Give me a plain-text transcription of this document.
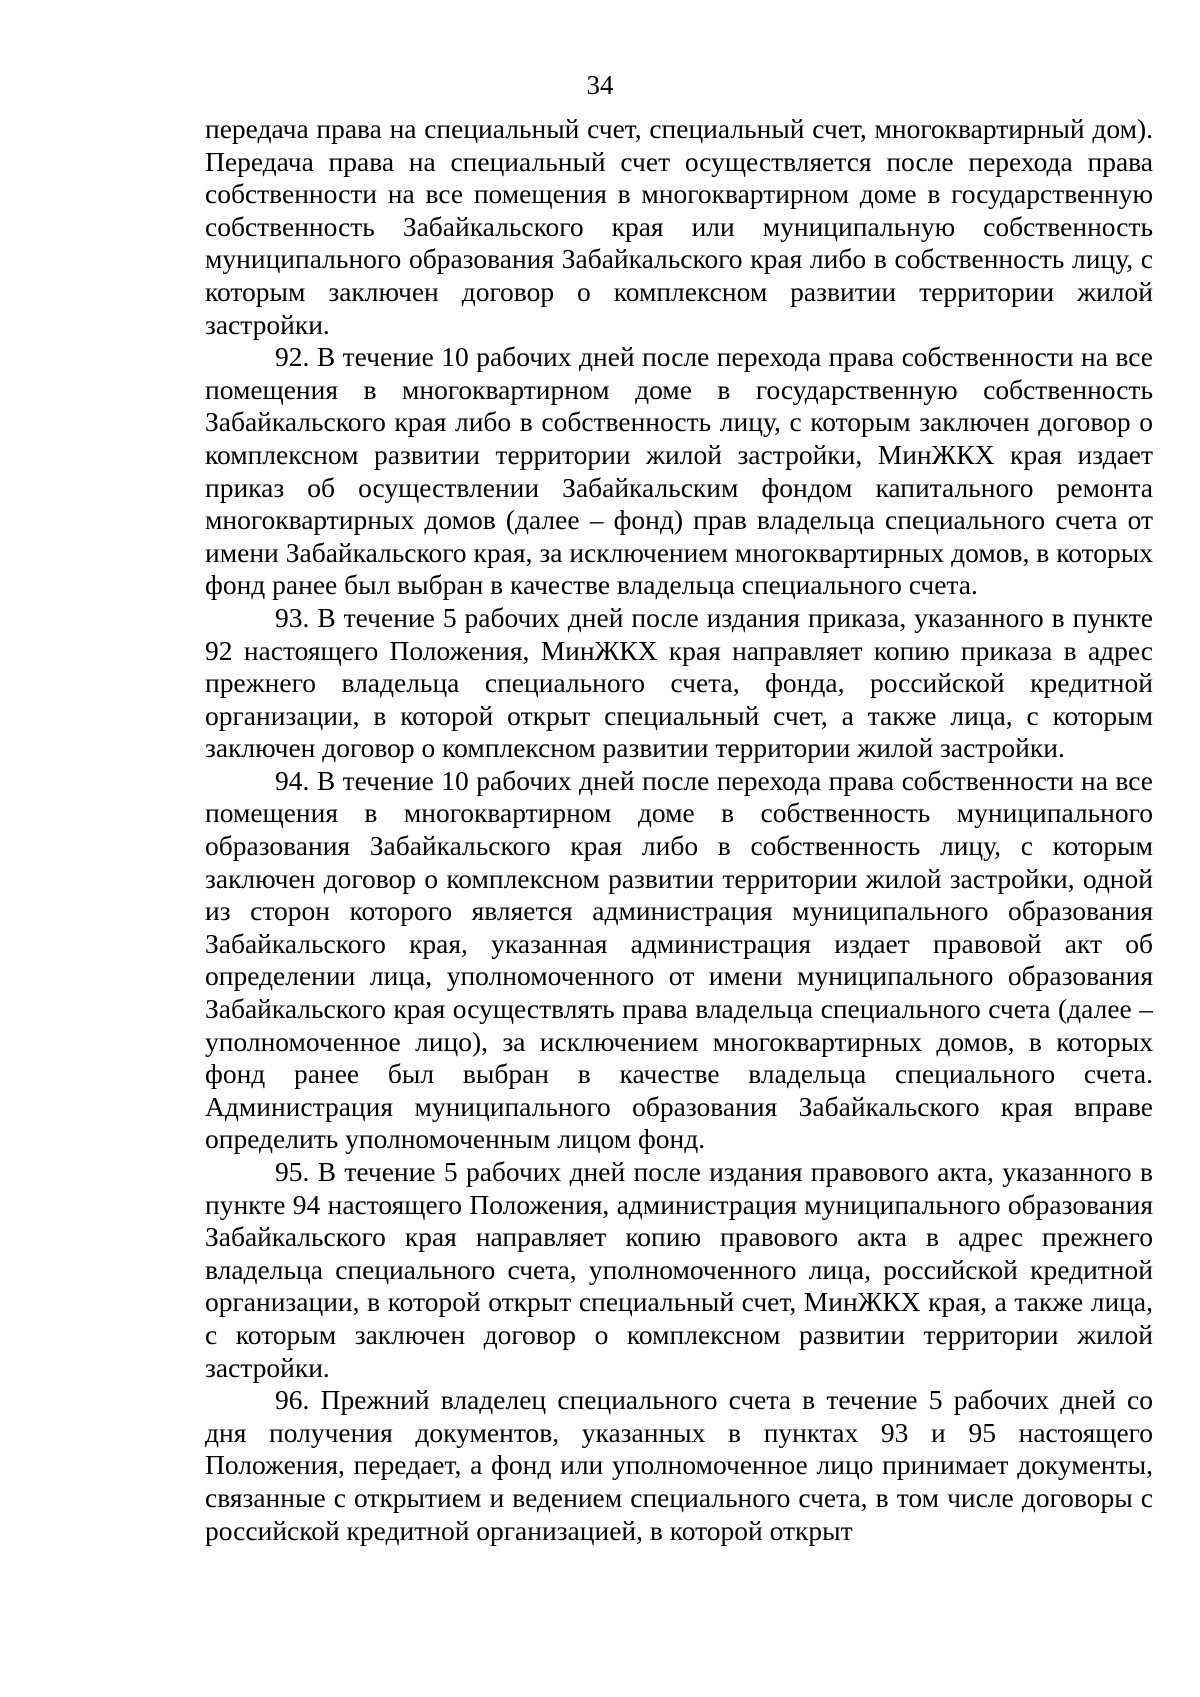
34

передача права на специальный счет, специальный счет, многоквартирный дом). Передача права на специальный счет осуществляется после перехода права собственности на все помещения в многоквартирном доме в государственную собственность Забайкальского края или муниципальную собственность муниципального образования Забайкальского края либо в собственность лицу, с которым заключен договор о комплексном развитии территории жилой застройки.

92. В течение 10 рабочих дней после перехода права собственности на все помещения в многоквартирном доме в государственную собственность Забайкальского края либо в собственность лицу, с которым заключен договор о комплексном развитии территории жилой застройки, МинЖКХ края издает приказ об осуществлении Забайкальским фондом капитального ремонта многоквартирных домов (далее – фонд) прав владельца специального счета от имени Забайкальского края, за исключением многоквартирных домов, в которых фонд ранее был выбран в качестве владельца специального счета.

93. В течение 5 рабочих дней после издания приказа, указанного в пункте 92 настоящего Положения, МинЖКХ края направляет копию приказа в адрес прежнего владельца специального счета, фонда, российской кредитной организации, в которой открыт специальный счет, а также лица, с которым заключен договор о комплексном развитии территории жилой застройки.

94. В течение 10 рабочих дней после перехода права собственности на все помещения в многоквартирном доме в собственность муниципального образования Забайкальского края либо в собственность лицу, с которым заключен договор о комплексном развитии территории жилой застройки, одной из сторон которого является администрация муниципального образования Забайкальского края, указанная администрация издает правовой акт об определении лица, уполномоченного от имени муниципального образования Забайкальского края осуществлять права владельца специального счета (далее – уполномоченное лицо), за исключением многоквартирных домов, в которых фонд ранее был выбран в качестве владельца специального счета. Администрация муниципального образования Забайкальского края вправе определить уполномоченным лицом фонд.

95. В течение 5 рабочих дней после издания правового акта, указанного в пункте 94 настоящего Положения, администрация муниципального образования Забайкальского края направляет копию правового акта в адрес прежнего владельца специального счета, уполномоченного лица, российской кредитной организации, в которой открыт специальный счет, МинЖКХ края, а также лица, с которым заключен договор о комплексном развитии территории жилой застройки.

96. Прежний владелец специального счета в течение 5 рабочих дней со дня получения документов, указанных в пунктах 93 и 95 настоящего Положения, передает, а фонд или уполномоченное лицо принимает документы, связанные с открытием и ведением специального счета, в том числе договоры с российской кредитной организацией, в которой открыт
